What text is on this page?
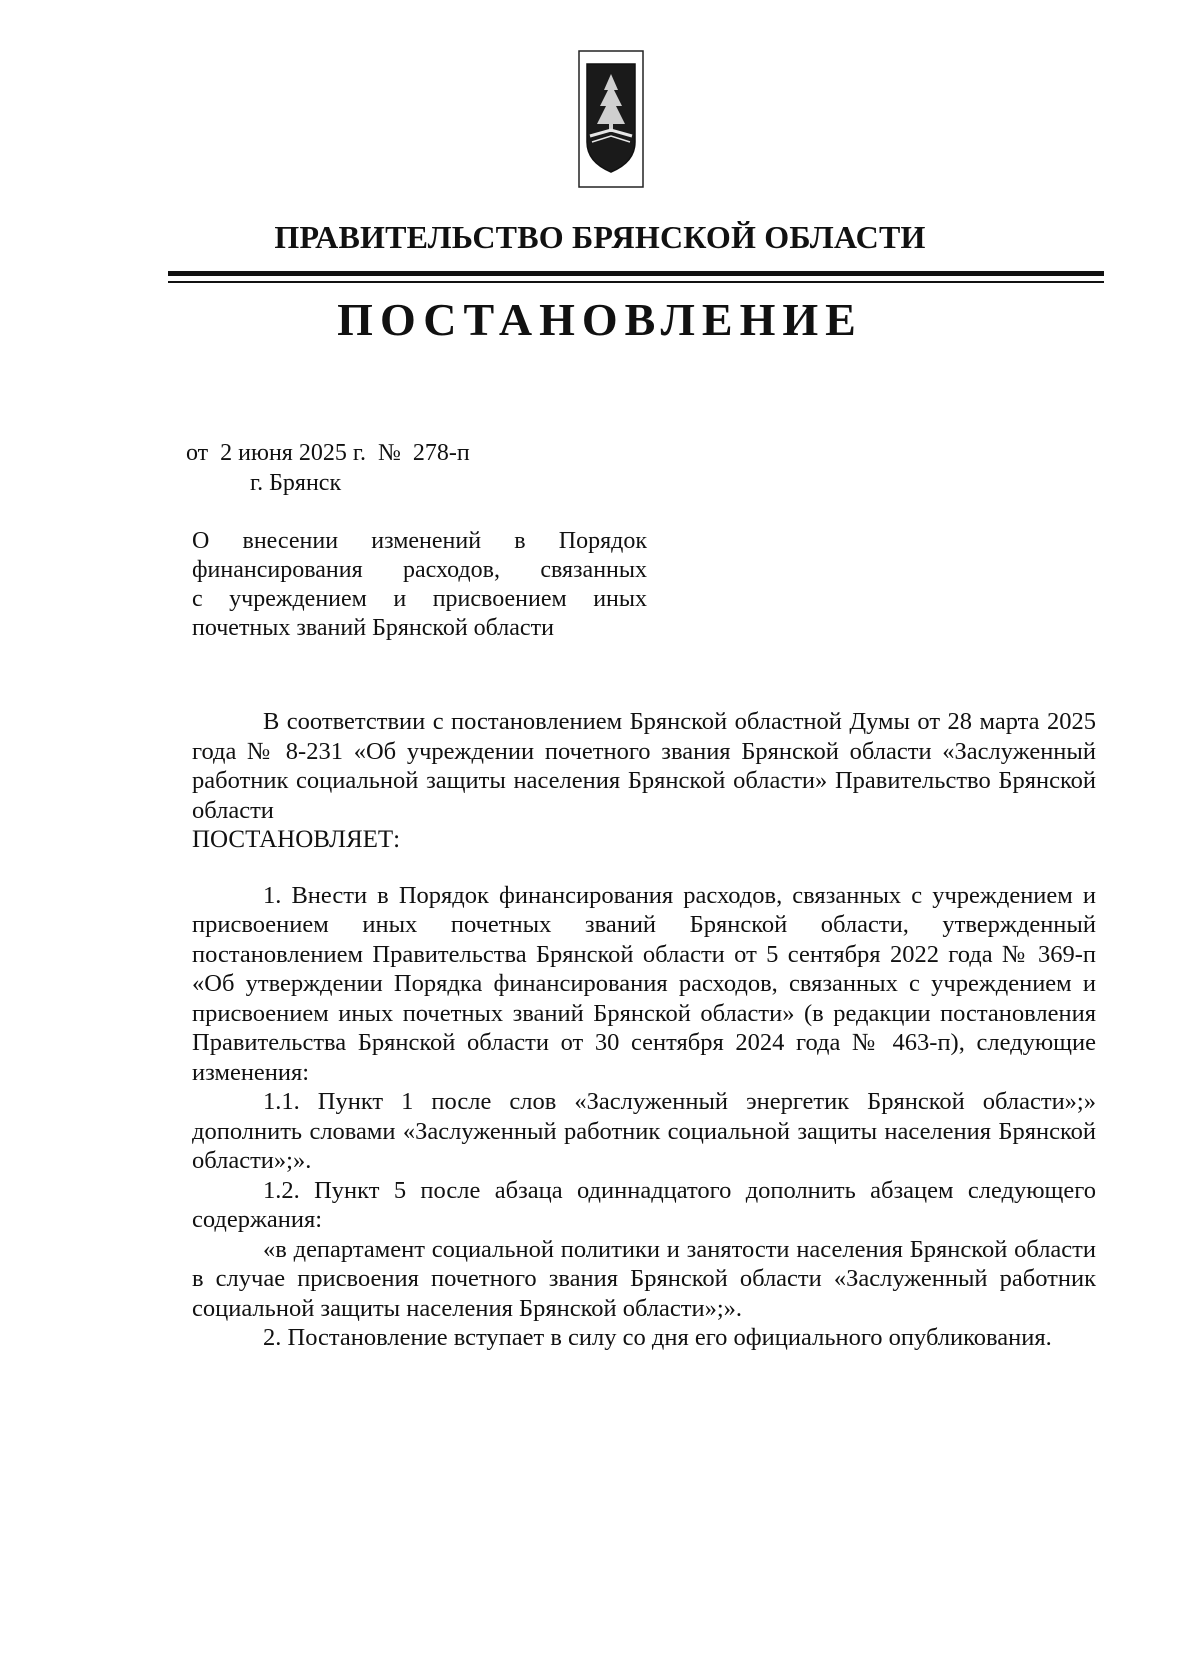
ПРАВИТЕЛЬСТВО БРЯНСКОЙ ОБЛАСТИ
ПОСТАНОВЛЕНИЕ
от  2 июня 2025 г.  №  278-п
г. Брянск
О внесении изменений в Порядок
финансирования расходов, связанных
с учреждением и присвоением иных
почетных званий Брянской области

В соответствии с постановлением Брянской областной Думы от 28 марта 2025 года № 8-231 «Об учреждении почетного звания Брянской области «Заслуженный работник социальной защиты населения Брянской области» Правительство Брянской области

ПОСТАНОВЛЯЕТ:

1. Внести в Порядок финансирования расходов, связанных с учреждением и присвоением иных почетных званий Брянской области, утвержденный постановлением Правительства Брянской области от 5 сентября 2022 года № 369-п «Об утверждении Порядка финансирования расходов, связанных с учреждением и присвоением иных почетных званий Брянской области» (в редакции постановления Правительства Брянской области от 30 сентября 2024 года № 463-п), следующие изменения:

1.1. Пункт 1 после слов «Заслуженный энергетик Брянской области»;» дополнить словами «Заслуженный работник социальной защиты населения Брянской области»;».

1.2. Пункт 5 после абзаца одиннадцатого дополнить абзацем следующего содержания:

«в департамент социальной политики и занятости населения Брянской области в случае присвоения почетного звания Брянской области «Заслуженный работник социальной защиты населения Брянской области»;».

2. Постановление вступает в силу со дня его официального опубликования.
